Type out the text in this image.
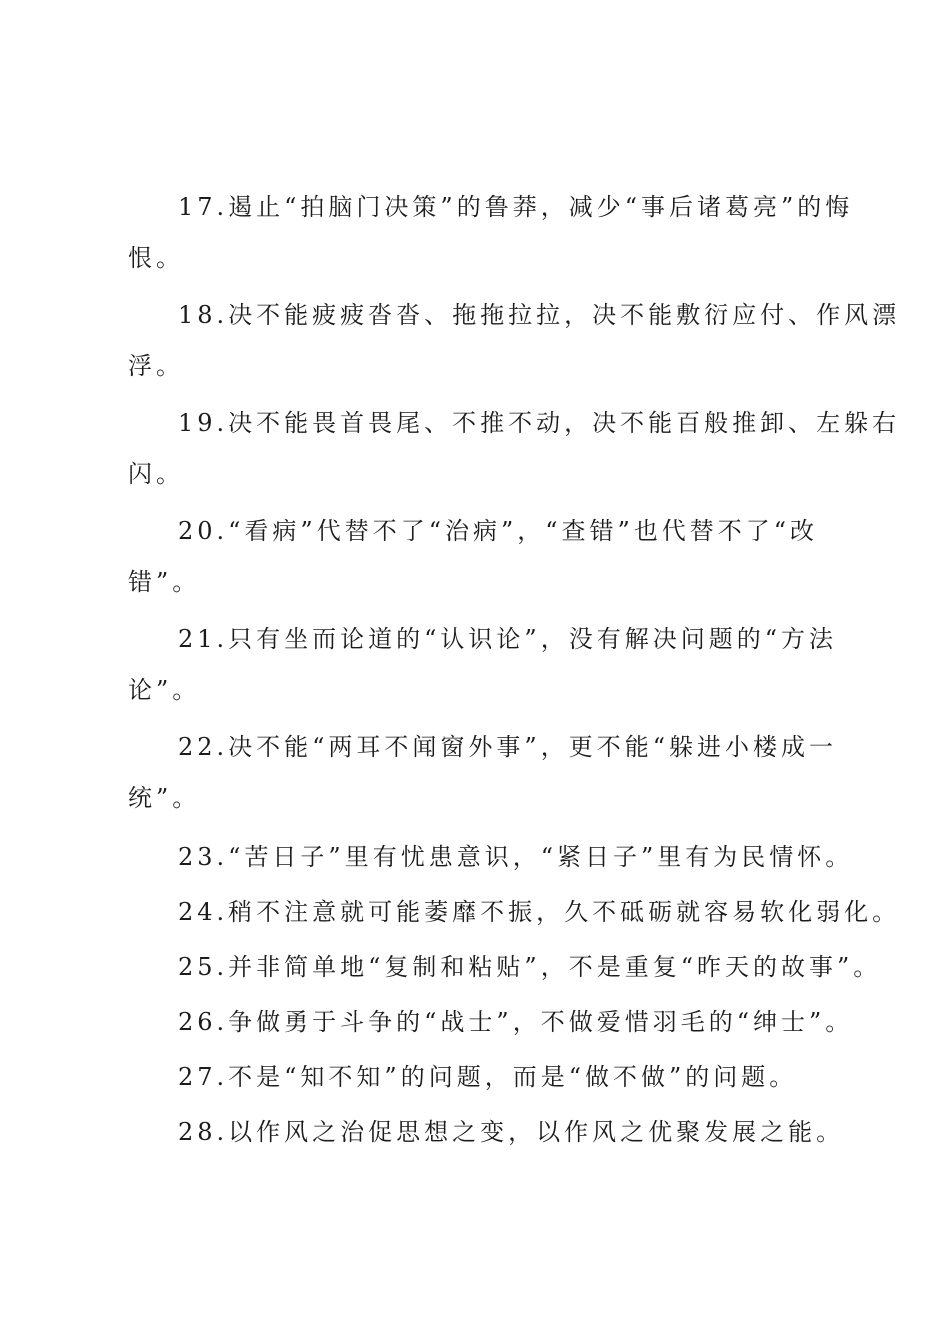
17.遏止“拍脑门决策”的鲁莽，减少“事后诸葛亮”的悔
恨。

18.决不能疲疲沓沓、拖拖拉拉，决不能敷衍应付、作风漂
浮。

19.决不能畏首畏尾、不推不动，决不能百般推卸、左躲右
闪。

20.“看病”代替不了“治病”，“查错”也代替不了“改
错”。

21.只有坐而论道的“认识论”，没有解决问题的“方法
论”。

22.决不能“两耳不闻窗外事”，更不能“躲进小楼成一
统”。

23.“苦日子”里有忧患意识，“紧日子”里有为民情怀。

24.稍不注意就可能萎靡不振，久不砥砺就容易软化弱化。

25.并非简单地“复制和粘贴”，不是重复“昨天的故事”。

26.争做勇于斗争的“战士”，不做爱惜羽毛的“绅士”。

27.不是“知不知”的问题，而是“做不做”的问题。

28.以作风之治促思想之变，以作风之优聚发展之能。
